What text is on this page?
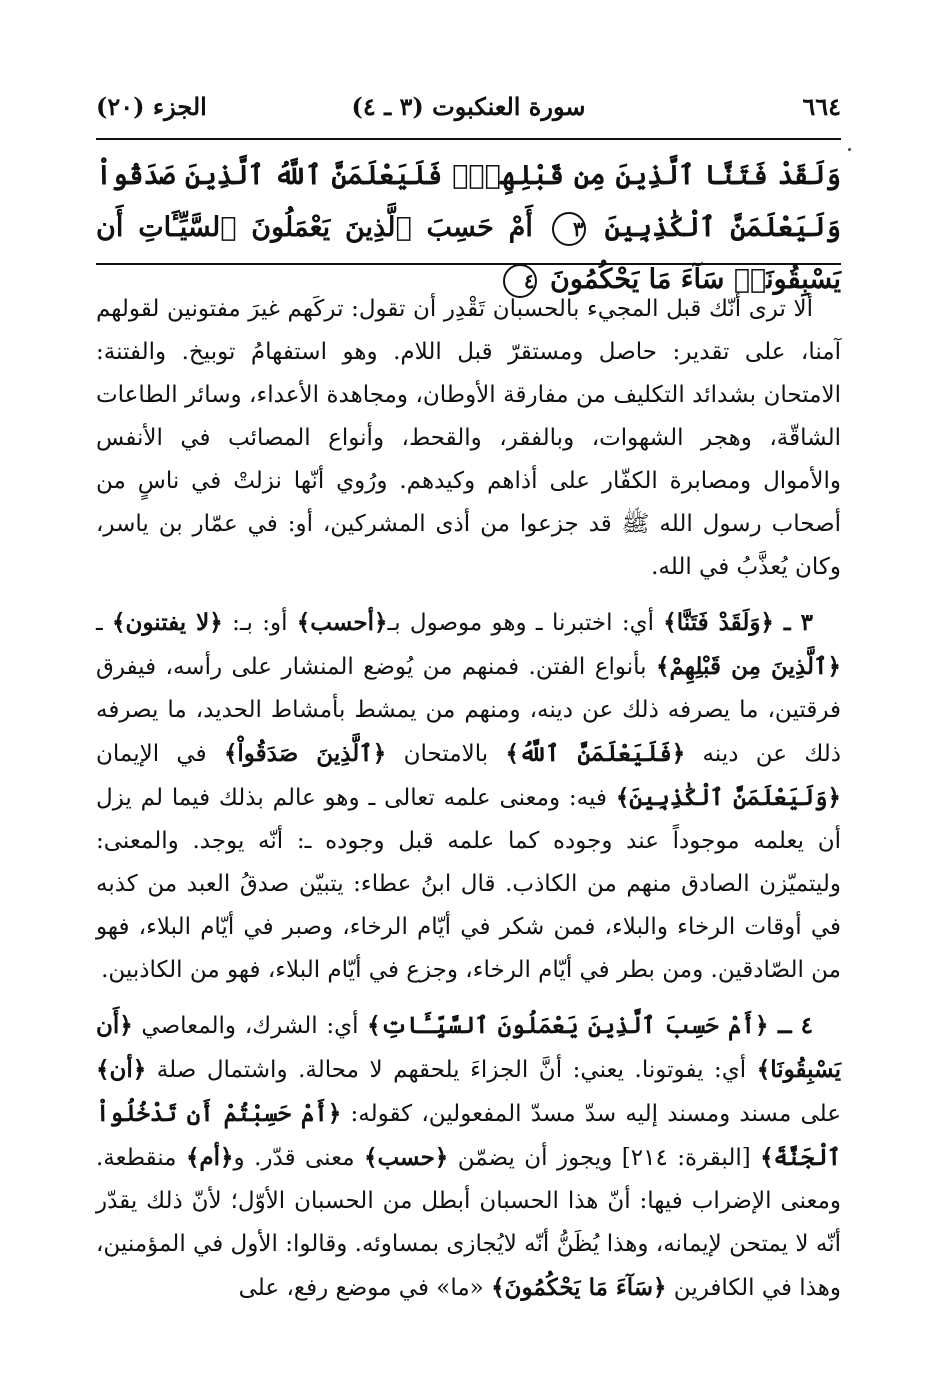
٦٦٤
سورة العنكبوت (٣ ـ ٤)
الجزء (٢٠)
وَلَقَدْ فَتَنَّا ٱلَّذِينَ مِن قَبْلِهِمْۖ فَلَيَعْلَمَنَّ ٱللَّهُ ٱلَّذِينَ صَدَقُواْ وَلَيَعْلَمَنَّ ٱلْكَٰذِبِينَ ٣ أَمْ حَسِبَ ٱلَّذِينَ يَعْمَلُونَ ٱلسَّيِّـَٔاتِ أَن يَسْبِقُونَاۚ سَآءَ مَا يَحْكُمُونَ ٤

ألا ترى أنّك قبل المجيء بالحسبان تَقْدِر أن تقول: تركَهم غيرَ مفتونين لقولهم آمنا، على تقدير: حاصل ومستقرّ قبل اللام. وهو استفهامُ توبيخ. والفتنة: الامتحان بشدائد التكليف من مفارقة الأوطان، ومجاهدة الأعداء، وسائر الطاعات الشاقّة، وهجر الشهوات، وبالفقر، والقحط، وأنواع المصائب في الأنفس والأموال ومصابرة الكفّار على أذاهم وكيدهم. ورُوي أنّها نزلتْ في ناسٍ من أصحاب رسول الله ﷺ قد جزعوا من أذى المشركين، أو: في عمّار بن ياسر، وكان يُعذَّبُ في الله.

٣ ـ ﴿وَلَقَدْ فَتَنَّا﴾ أي: اختبرنا ـ وهو موصول بـ﴿أحسب﴾ أو: بـ: ﴿لا يفتنون﴾ ـ ﴿ٱلَّذِينَ مِن قَبْلِهِمْ﴾ بأنواع الفتن. فمنهم من يُوضع المنشار على رأسه، فيفرق فرقتين، ما يصرفه ذلك عن دينه، ومنهم من يمشط بأمشاط الحديد، ما يصرفه ذلك عن دينه ﴿فَلَيَعْلَمَنَّ ٱللَّهُ﴾ بالامتحان ﴿ٱلَّذِينَ صَدَقُواْ﴾ في الإيمان ﴿وَلَيَعْلَمَنَّ ٱلْكَٰذِبِينَ﴾ فيه: ومعنى علمه تعالى ـ وهو عالم بذلك فيما لم يزل أن يعلمه موجوداً عند وجوده كما علمه قبل وجوده ـ: أنّه يوجد. والمعنى: وليتميّزن الصادق منهم من الكاذب. قال ابنُ عطاء: يتبيّن صدقُ العبد من كذبه في أوقات الرخاء والبلاء، فمن شكر في أيّام الرخاء، وصبر في أيّام البلاء، فهو من الصّادقين. ومن بطر في أيّام الرخاء، وجزع في أيّام البلاء، فهو من الكاذبين.

٤ ـ ﴿أَمْ حَسِبَ ٱلَّذِينَ يَعْمَلُونَ ٱلسَّيِّـَٔاتِ﴾ أي: الشرك، والمعاصي ﴿أَن يَسْبِقُونَا﴾ أي: يفوتونا. يعني: أنَّ الجزاءَ يلحقهم لا محالة. واشتمال صلة ﴿أن﴾ على مسند ومسند إليه سدّ مسدّ المفعولين، كقوله: ﴿أَمْ حَسِبْتُمْ أَن تَدْخُلُواْ ٱلْجَنَّةَ﴾ [البقرة: ٢١٤] ويجوز أن يضمّن ﴿حسب﴾ معنى قدّر. و﴿أم﴾ منقطعة. ومعنى الإضراب فيها: أنّ هذا الحسبان أبطل من الحسبان الأوّل؛ لأنّ ذلك يقدّر أنّه لا يمتحن لإيمانه، وهذا يُظَنُّ أنّه لايُجازى بمساوئه. وقالوا: الأول في المؤمنين، وهذا في الكافرين ﴿سَآءَ مَا يَحْكُمُونَ﴾ «ما» في موضع رفع، على
